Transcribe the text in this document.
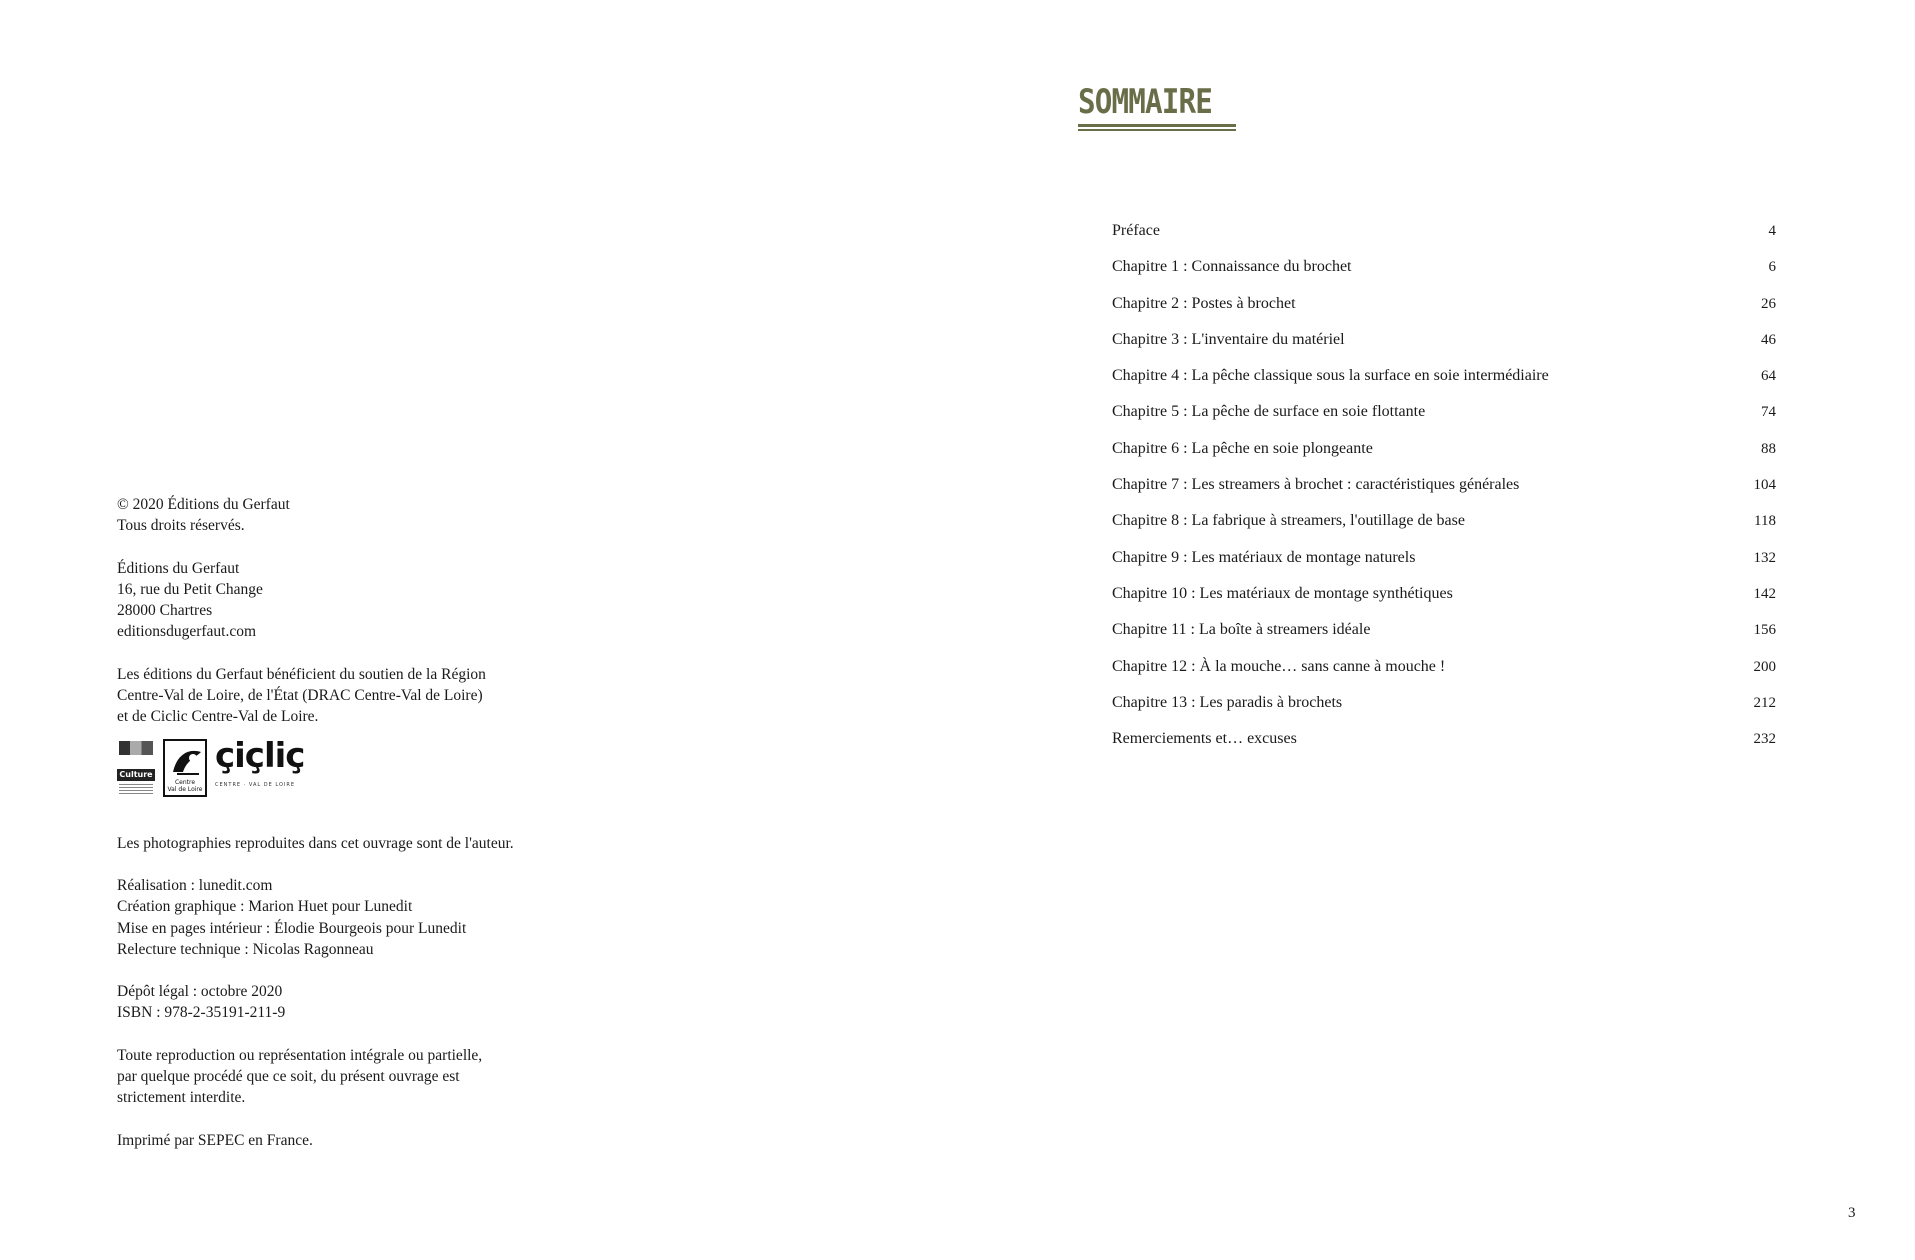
© 2020 Éditions du Gerfaut
Tous droits réservés.

Éditions du Gerfaut
16, rue du Petit Change
28000 Chartres
editionsdugerfaut.com

Les éditions du Gerfaut bénéficient du soutien de la Région
Centre-Val de Loire, de l'État (DRAC Centre-Val de Loire)
et de Ciclic Centre-Val de Loire.

Culture
Centre
Val de Loire
çiçliç
CENTRE · VAL DE LOIRE

Les photographies reproduites dans cet ouvrage sont de l'auteur.

Réalisation : lunedit.com
Création graphique : Marion Huet pour Lunedit
Mise en pages intérieur : Élodie Bourgeois pour Lunedit
Relecture technique : Nicolas Ragonneau

Dépôt légal : octobre 2020
ISBN : 978-2-35191-211-9

Toute reproduction ou représentation intégrale ou partielle,
par quelque procédé que ce soit, du présent ouvrage est
strictement interdite.

Imprimé par SEPEC en France.

SOMMAIRE
Préface	4
Chapitre 1 : Connaissance du brochet	6
Chapitre 2 : Postes à brochet	26
Chapitre 3 : L'inventaire du matériel	46
Chapitre 4 : La pêche classique sous la surface en soie intermédiaire	64
Chapitre 5 : La pêche de surface en soie flottante	74
Chapitre 6 : La pêche en soie plongeante	88
Chapitre 7 : Les streamers à brochet : caractéristiques générales	104
Chapitre 8 : La fabrique à streamers, l'outillage de base	118
Chapitre 9 : Les matériaux de montage naturels	132
Chapitre 10 : Les matériaux de montage synthétiques	142
Chapitre 11 : La boîte à streamers idéale	156
Chapitre 12 : À la mouche… sans canne à mouche !	200
Chapitre 13 : Les paradis à brochets	212
Remerciements et… excuses	232
3
